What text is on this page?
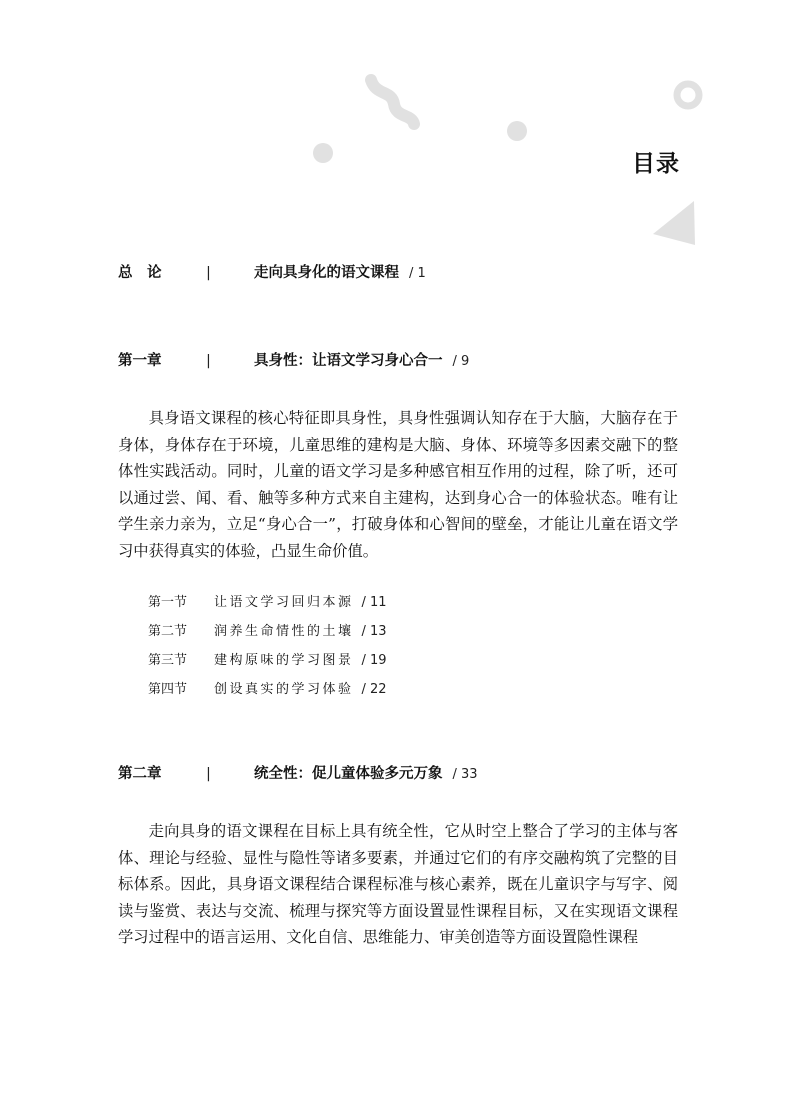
目录
总　论	|	走向具身化的语文课程 / 1
第一章	|	具身性：让语文学习身心合一 / 9

具身语文课程的核心特征即具身性，具身性强调认知存在于大脑，大脑存在于身体，身体存在于环境，儿童思维的建构是大脑、身体、环境等多因素交融下的整体性实践活动。同时，儿童的语文学习是多种感官相互作用的过程，除了听，还可以通过尝、闻、看、触等多种方式来自主建构，达到身心合一的体验状态。唯有让学生亲力亲为，立足“身心合一”，打破身体和心智间的壁垒，才能让儿童在语文学习中获得真实的体验，凸显生命价值。

第一节 让语文学习回归本源 / 11
第二节 润养生命情性的土壤 / 13
第三节 建构原味的学习图景 / 19
第四节 创设真实的学习体验 / 22
第二章	|	统全性：促儿童体验多元万象 / 33

走向具身的语文课程在目标上具有统全性，它从时空上整合了学习的主体与客体、理论与经验、显性与隐性等诸多要素，并通过它们的有序交融构筑了完整的目标体系。因此，具身语文课程结合课程标准与核心素养，既在儿童识字与写字、阅读与鉴赏、表达与交流、梳理与探究等方面设置显性课程目标，又在实现语文课程学习过程中的语言运用、文化自信、思维能力、审美创造等方面设置隐性课程
